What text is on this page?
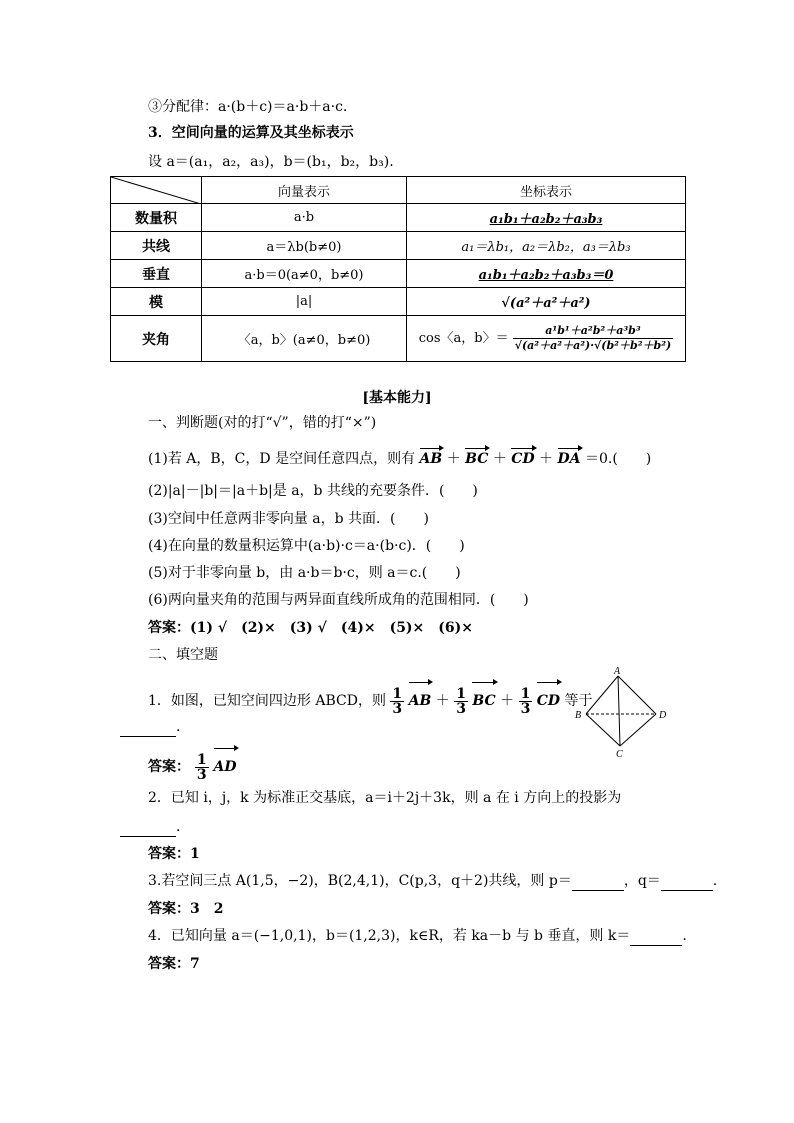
③分配律：a·(b＋c)＝a·b＋a·c.
3．空间向量的运算及其坐标表示
设 a＝(a₁，a₂，a₃)，b＝(b₁，b₂，b₃).
	向量表示	坐标表示
数量积	a·b	a₁b₁＋a₂b₂＋a₃b₃
共线	a＝λb(b≠0)	a₁＝λb₁，a₂＝λb₂，a₃＝λb₃
垂直	a·b＝0(a≠0，b≠0)	a₁b₁＋a₂b₂＋a₃b₃＝0
模	|a|	√(a²＋a²＋a²)
夹角	〈a，b〉(a≠0，b≠0)	cos〈a，b〉＝ $\frac{\text{a¹b¹＋a²b²＋a³b³}}{\text{√(a²＋a²＋a²)·√(b²＋b²＋b²)}}$
[基本能力]
一、判断题(对的打“√”，错的打“×”)
(1)若 A，B，C，D 是空间任意四点，则有 AB ＋ BC ＋ CD ＋ DA ＝0.(　　)
(2)|a|－|b|＝|a＋b|是 a，b 共线的充要条件．(　　)
(3)空间中任意两非零向量 a，b 共面．(　　)
(4)在向量的数量积运算中(a·b)·c＝a·(b·c)．(　　)
(5)对于非零向量 b，由 a·b＝b·c，则 a＝c.(　　)
(6)两向量夹角的范围与两异面直线所成角的范围相同．(　　)
答案：(1) √　(2)×　(3) √　(4)×　(5)×　(6)×
二、填空题
1．如图，已知空间四边形 ABCD，则 $\frac{1}{3}$ AB ＋ $\frac{1}{3}$ BC ＋ $\frac{1}{3}$ CD 等于
.
答案： $\frac{1}{3}$ AD
A
B
C
D
2．已知 i，j，k 为标准正交基底，a＝i＋2j＋3k，则 a 在 i 方向上的投影为
.
答案：1
3.若空间三点 A(1,5，−2)，B(2,4,1)，C(p,3，q＋2)共线，则 p＝	，q＝	.
答案：3　2
4．已知向量 a＝(−1,0,1)，b＝(1,2,3)，k∈R，若 ka－b 与 b 垂直，则 k＝	.
答案：7
